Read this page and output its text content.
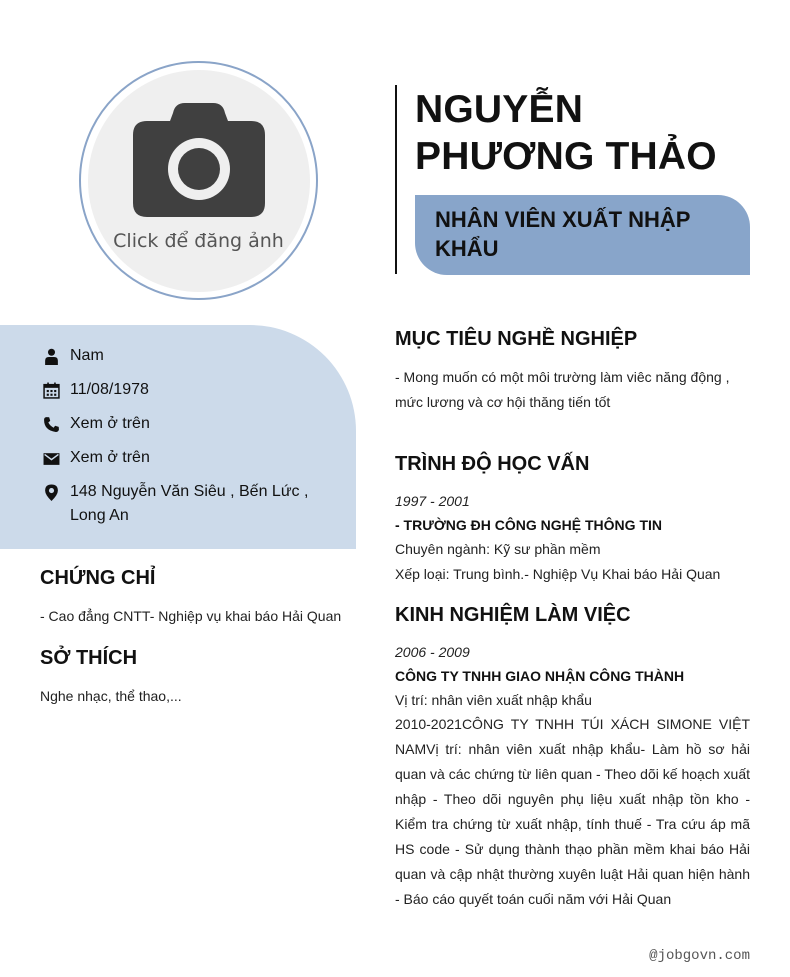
Click để đăng ảnh
NGUYỄN PHƯƠNG THẢO
NHÂN VIÊN XUẤT NHẬP KHẨU
Nam
11/08/1978
Xem ở trên
Xem ở trên
148 Nguyễn Văn Siêu , Bến Lức , Long An
CHỨNG CHỈ
- Cao đẳng CNTT- Nghiệp vụ khai báo Hải Quan
SỞ THÍCH
Nghe nhạc, thể thao,...
MỤC TIÊU NGHỀ NGHIỆP
- Mong muốn có một môi trường làm viêc năng động , mức lương và cơ hội thăng tiến tốt
TRÌNH ĐỘ HỌC VẤN
1997 - 2001
- TRƯỜNG ĐH CÔNG NGHỆ THÔNG TIN
Chuyên ngành: Kỹ sư phần mềm
Xếp loại: Trung bình.- Nghiệp Vụ Khai báo Hải Quan
KINH NGHIỆM LÀM VIỆC
2006 - 2009
CÔNG TY TNHH GIAO NHẬN CÔNG THÀNH
Vị trí: nhân viên xuất nhập khẩu
2010-2021CÔNG TY TNHH TÚI XÁCH SIMONE VIỆT NAMVị trí: nhân viên xuất nhập khẩu- Làm hồ sơ hải quan và các chứng từ liên quan - Theo dõi kế hoạch xuất nhập - Theo dõi nguyên phụ liệu xuất nhập tồn kho - Kiểm tra chứng từ xuất nhập, tính thuế - Tra cứu áp mã HS code - Sử dụng thành thạo phần mềm khai báo Hải quan và cập nhật thường xuyên luật Hải quan hiện hành - Báo cáo quyết toán cuối năm với Hải Quan
@jobgovn.com
